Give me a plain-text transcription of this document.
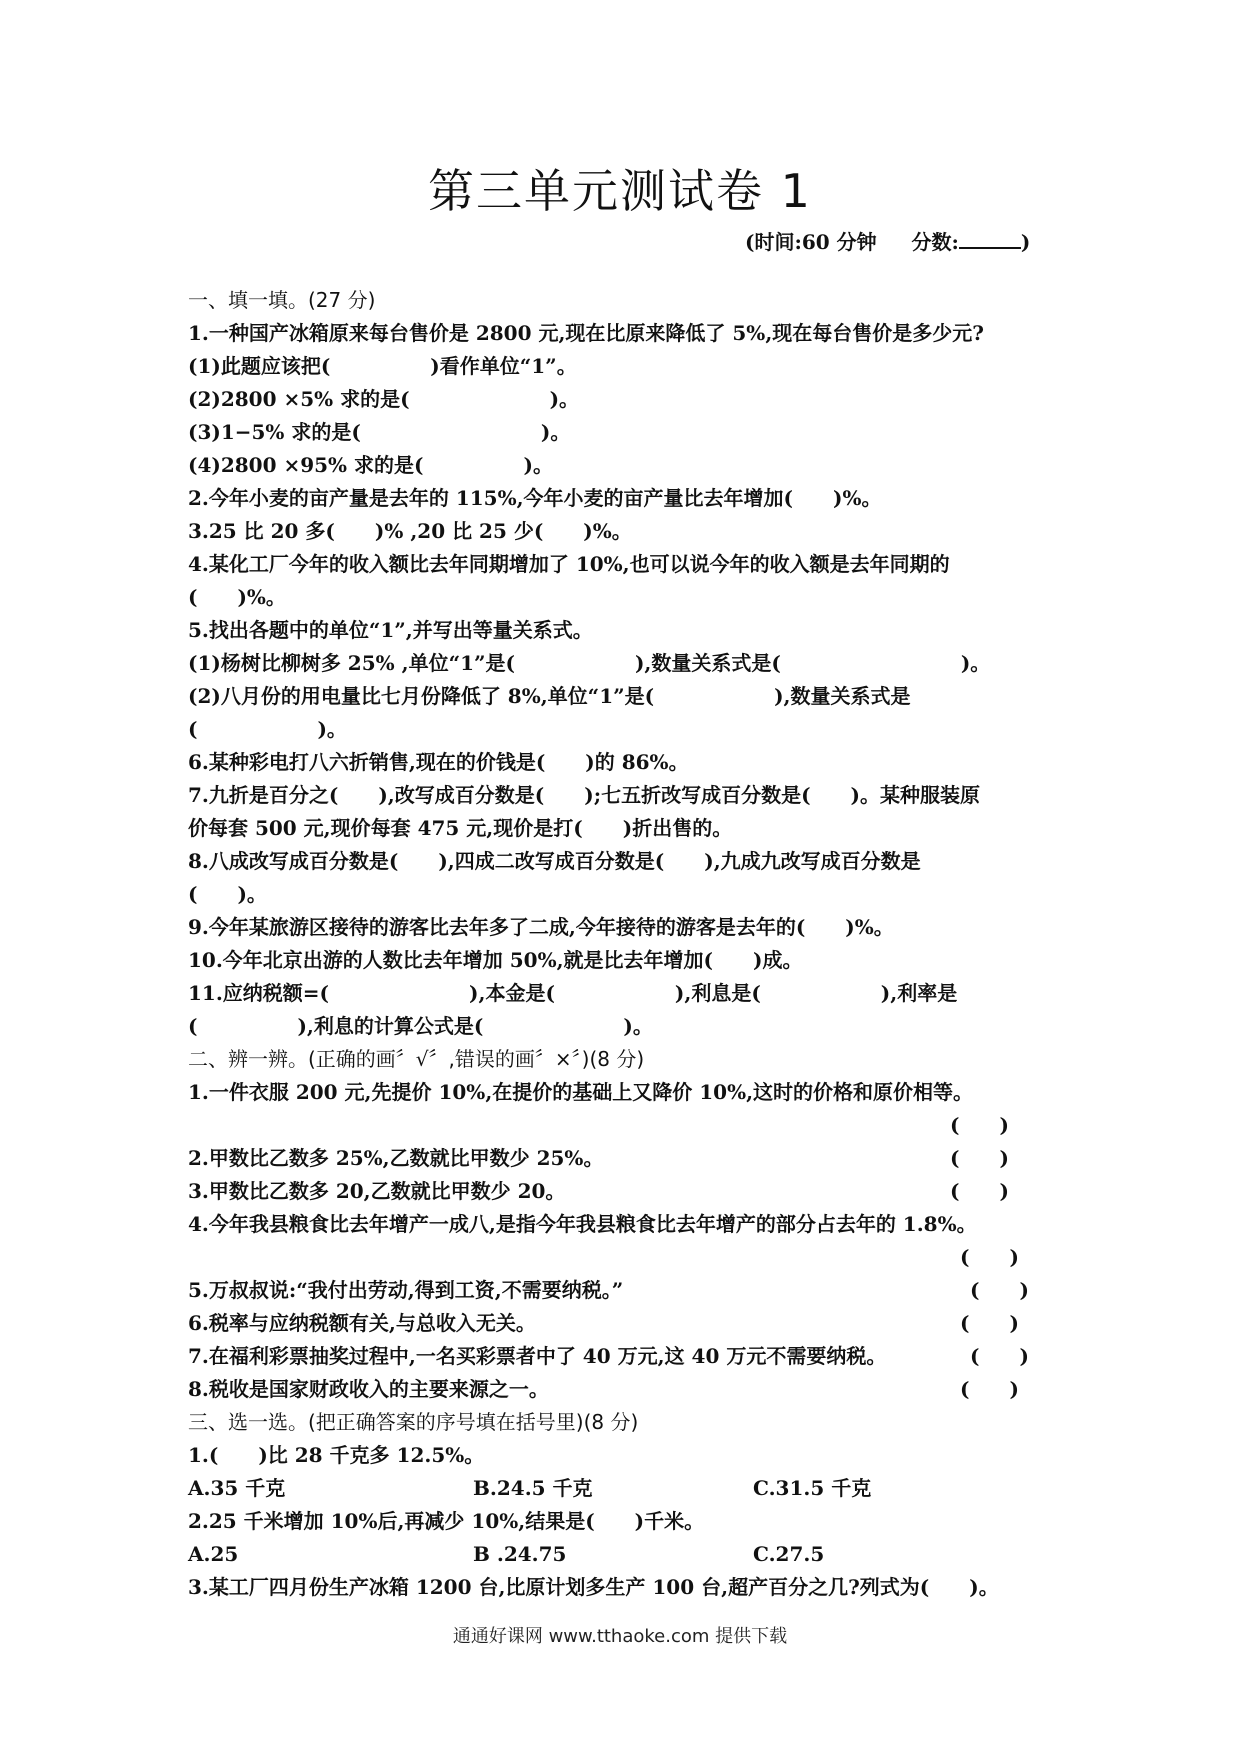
第三单元测试卷 1
(时间:60 分钟 分数:	)
一、填一填。(27 分)
1.一种国产冰箱原来每台售价是 2800 元,现在比原来降低了 5%,现在每台售价是多少元?
(1)此题应该把(　　　　　)看作单位“1”。
(2)2800 ×5% 求的是(　　　　　　　)。
(3)1−5% 求的是(　　　　　　　　　)。
(4)2800 ×95% 求的是(　　　　　)。
2.今年小麦的亩产量是去年的 115%,今年小麦的亩产量比去年增加(　　)%。
3.25 比 20 多(　　)% ,20 比 25 少(　　)%。
4.某化工厂今年的收入额比去年同期增加了 10%,也可以说今年的收入额是去年同期的
(　　)%。
5.找出各题中的单位“1”,并写出等量关系式。
(1)杨树比柳树多 25% ,单位“1”是(　　　　　　),数量关系式是(　　　　　　　　　)。
(2)八月份的用电量比七月份降低了 8%,单位“1”是(　　　　　　),数量关系式是
(　　　　　　)。
6.某种彩电打八六折销售,现在的价钱是(　　)的 86%。
7.九折是百分之(　　),改写成百分数是(　　);七五折改写成百分数是(　　)。某种服装原
价每套 500 元,现价每套 475 元,现价是打(　　)折出售的。
8.八成改写成百分数是(　　),四成二改写成百分数是(　　),九成九改写成百分数是
(　　)。
9.今年某旅游区接待的游客比去年多了二成,今年接待的游客是去年的(　　)%。
10.今年北京出游的人数比去年增加 50%,就是比去年增加(　　)成。
11.应纳税额=(　　　　　　　),本金是(　　　　　　),利息是(　　　　　　),利率是
(　　　　　),利息的计算公式是(　　　　　　　)。
二、辨一辨。(正确的画〞√〞,错误的画〞×〞)(8 分)
1.一件衣服 200 元,先提价 10%,在提价的基础上又降价 10%,这时的价格和原价相等。
(　　)
2.甲数比乙数多 25%,乙数就比甲数少 25%。	(　　)
3.甲数比乙数多 20,乙数就比甲数少 20。	(　　)
4.今年我县粮食比去年增产一成八,是指今年我县粮食比去年增产的部分占去年的 1.8%。
(　　)
5.万叔叔说:“我付出劳动,得到工资,不需要纳税。”	(　　)
6.税率与应纳税额有关,与总收入无关。	(　　)
7.在福利彩票抽奖过程中,一名买彩票者中了 40 万元,这 40 万元不需要纳税。	(　　)
8.税收是国家财政收入的主要来源之一。	(　　)
三、选一选。(把正确答案的序号填在括号里)(8 分)
1.(　　)比 28 千克多 12.5%。
A.35 千克	B.24.5 千克	C.31.5 千克
2.25 千米增加 10%后,再减少 10%,结果是(　　)千米。
A.25	B .24.75	C.27.5
3.某工厂四月份生产冰箱 1200 台,比原计划多生产 100 台,超产百分之几?列式为(　　)。
通通好课网 www.tthaoke.com 提供下载
